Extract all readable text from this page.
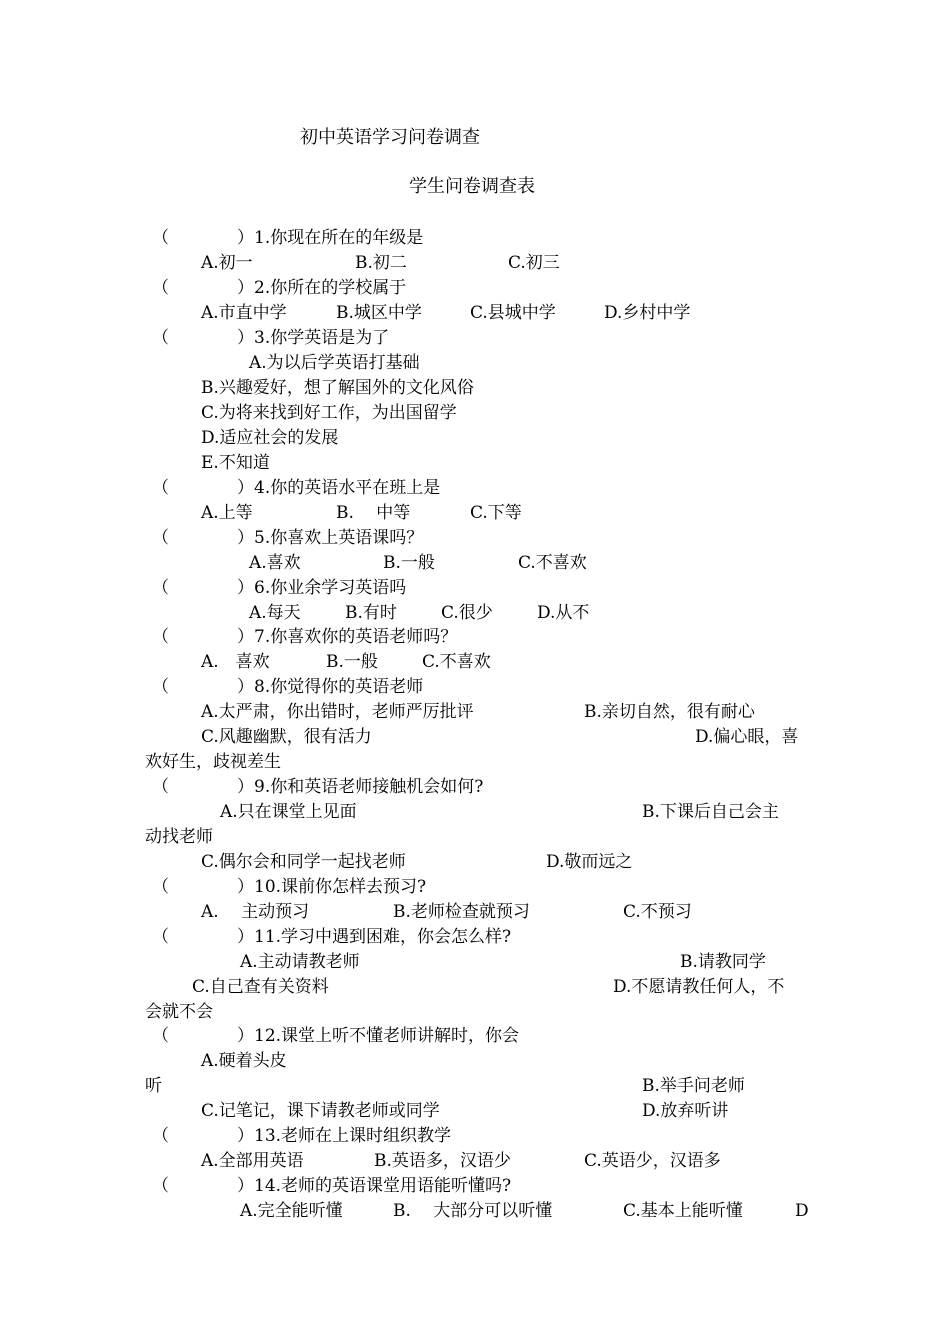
初中英语学习问卷调查
学生问卷调查表
（　　　　）1.你现在所在的年级是
A.初一	B.初二	C.初三
（　　　　）2.你所在的学校属于
A.市直中学	B.城区中学	C.县城中学	D.乡村中学
（　　　　）3.你学英语是为了
A.为以后学英语打基础
B.兴趣爱好，想了解国外的文化风俗
C.为将来找到好工作，为出国留学
D.适应社会的发展
E.不知道
（　　　　）4.你的英语水平在班上是
A.上等	B.　 中等	C.下等
（　　　　）5.你喜欢上英语课吗？
A.喜欢	B.一般	C.不喜欢
（　　　　）6.你业余学习英语吗
A.每天	B.有时	C.很少	D.从不
（　　　　）7.你喜欢你的英语老师吗？
A.　喜欢	B.一般	C.不喜欢
（　　　　）8.你觉得你的英语老师
A.太严肃，你出错时，老师严厉批评	B.亲切自然，很有耐心
C.风趣幽默，很有活力	D.偏心眼，喜
欢好生，歧视差生
（　　　　）9.你和英语老师接触机会如何?
A.只在课堂上见面	B.下课后自己会主
动找老师
C.偶尔会和同学一起找老师	D.敬而远之
（　　　　）10.课前你怎样去预习?
A.　 主动预习	B.老师检查就预习	C.不预习
（　　　　）11.学习中遇到困难，你会怎么样?
A.主动请教老师	B.请教同学
C.自己查有关资料	D.不愿请教任何人，不
会就不会
（　　　　）12.课堂上听不懂老师讲解时，你会
A.硬着头皮
听	B.举手问老师
C.记笔记，课下请教老师或同学	D.放弃听讲
（　　　　）13.老师在上课时组织教学
A.全部用英语	B.英语多，汉语少	C.英语少，汉语多
（　　　　）14.老师的英语课堂用语能听懂吗?
A.完全能听懂	B.　 大部分可以听懂	C.基本上能听懂	D
